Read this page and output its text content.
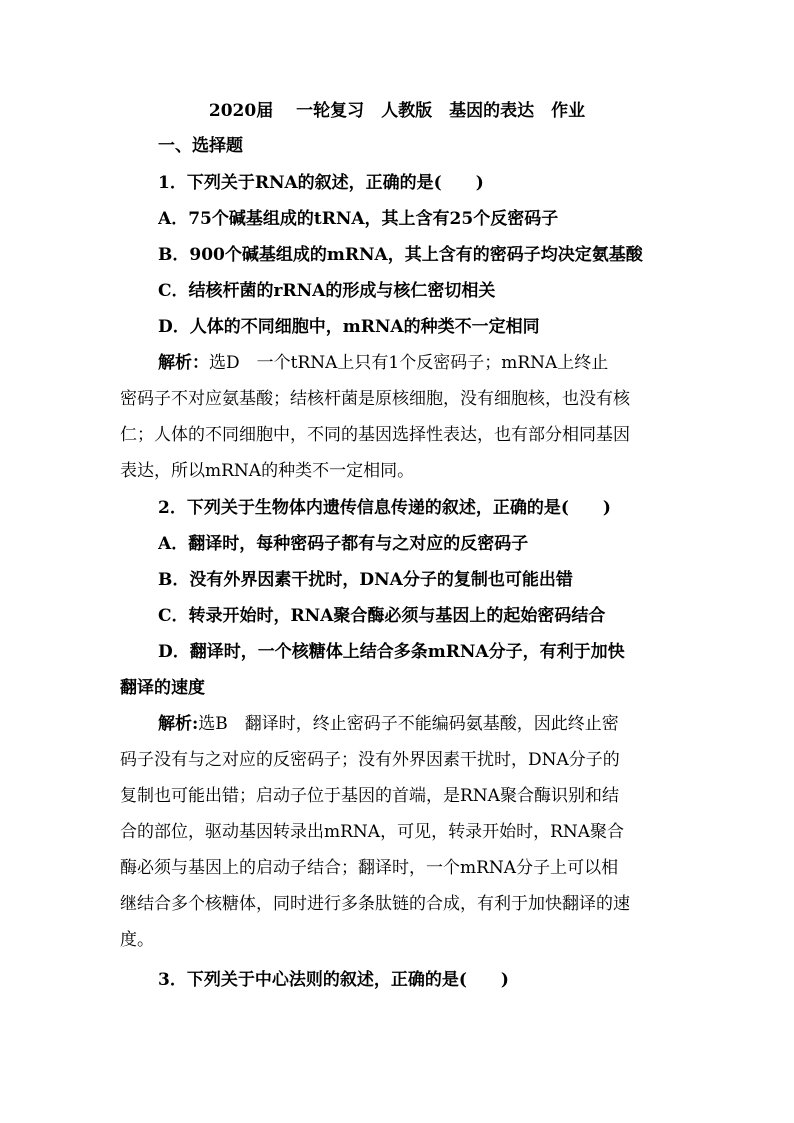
2020届　 一轮复习　人教版　基因的表达　作业
一、选择题
1．下列关于RNA的叙述，正确的是(　　)
A．75个碱基组成的tRNA，其上含有25个反密码子
B．900个碱基组成的mRNA，其上含有的密码子均决定氨基酸
C．结核杆菌的rRNA的形成与核仁密切相关
D．人体的不同细胞中，mRNA的种类不一定相同
解析：选D　一个tRNA上只有1个反密码子；mRNA上终止
密码子不对应氨基酸；结核杆菌是原核细胞，没有细胞核，也没有核
仁；人体的不同细胞中，不同的基因选择性表达，也有部分相同基因
表达，所以mRNA的种类不一定相同。
2．下列关于生物体内遗传信息传递的叙述，正确的是(　　)
A．翻译时，每种密码子都有与之对应的反密码子
B．没有外界因素干扰时，DNA分子的复制也可能出错
C．转录开始时，RNA聚合酶必须与基因上的起始密码结合
D．翻译时，一个核糖体上结合多条mRNA分子，有利于加快
翻译的速度
解析:选B　翻译时，终止密码子不能编码氨基酸，因此终止密
码子没有与之对应的反密码子；没有外界因素干扰时，DNA分子的
复制也可能出错；启动子位于基因的首端，是RNA聚合酶识别和结
合的部位，驱动基因转录出mRNA，可见，转录开始时，RNA聚合
酶必须与基因上的启动子结合；翻译时，一个mRNA分子上可以相
继结合多个核糖体，同时进行多条肽链的合成，有利于加快翻译的速
度。
3．下列关于中心法则的叙述，正确的是(　　)
